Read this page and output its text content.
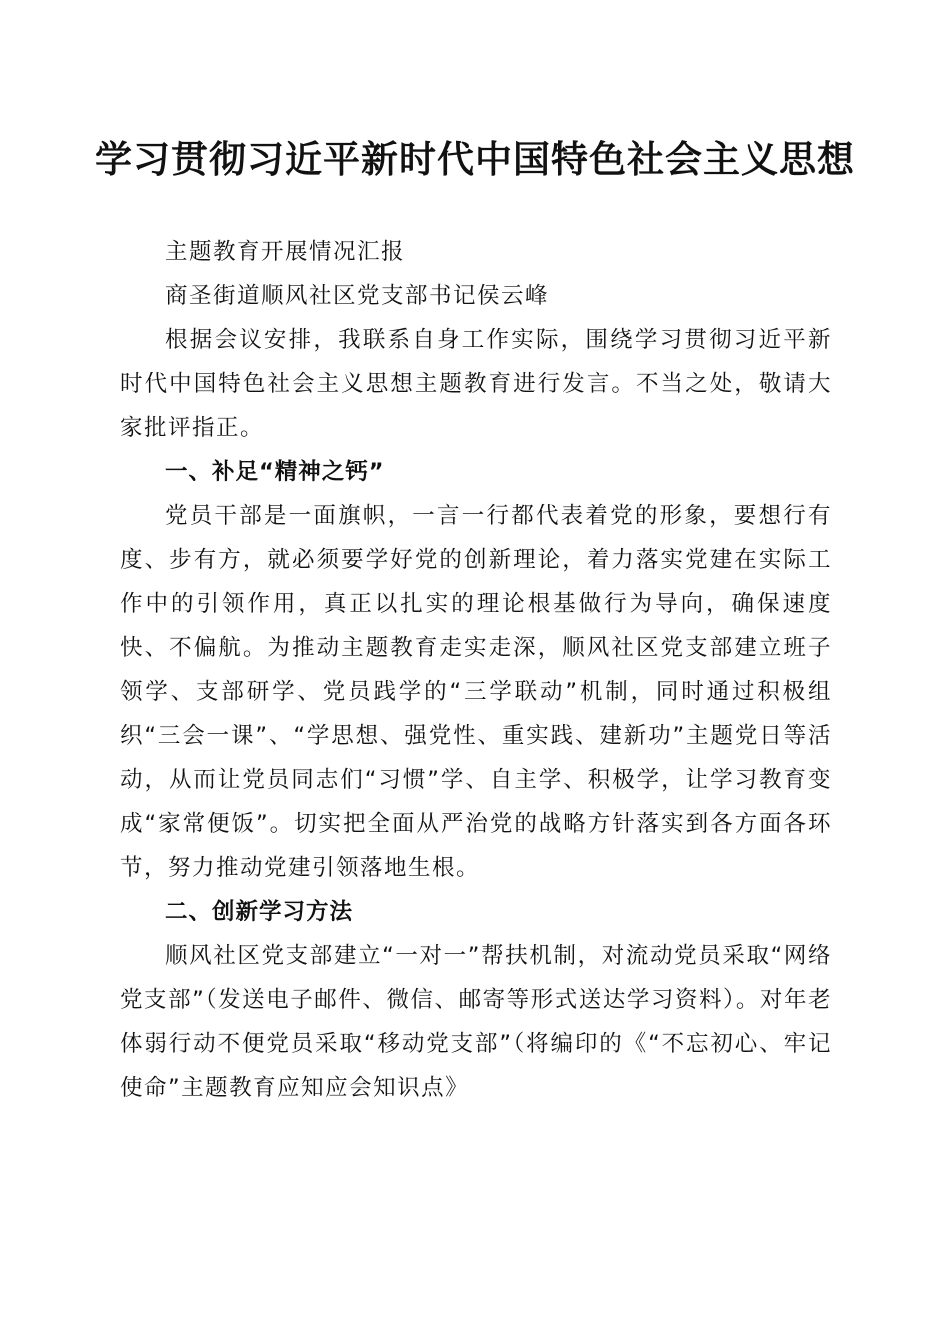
学习贯彻习近平新时代中国特色社会主义思想

主题教育开展情况汇报

商圣街道顺风社区党支部书记侯云峰

根据会议安排，我联系自身工作实际，围绕学习贯彻习近平新时代中国特色社会主义思想主题教育进行发言。不当之处，敬请大家批评指正。

一、补足“精神之钙”

党员干部是一面旗帜，一言一行都代表着党的形象，要想行有度、步有方，就必须要学好党的创新理论，着力落实党建在实际工作中的引领作用，真正以扎实的理论根基做行为导向，确保速度快、不偏航。为推动主题教育走实走深，顺风社区党支部建立班子领学、支部研学、党员践学的“三学联动”机制，同时通过积极组织“三会一课”、“学思想、强党性、重实践、建新功”主题党日等活动，从而让党员同志们“习惯”学、自主学、积极学，让学习教育变成“家常便饭”。切实把全面从严治党的战略方针落实到各方面各环节，努力推动党建引领落地生根。

二、创新学习方法

顺风社区党支部建立“一对一”帮扶机制，对流动党员采取“网络党支部”（发送电子邮件、微信、邮寄等形式送达学习资料）。对年老体弱行动不便党员采取“移动党支部”（将编印的《“不忘初心、牢记使命”主题教育应知应会知识点》
